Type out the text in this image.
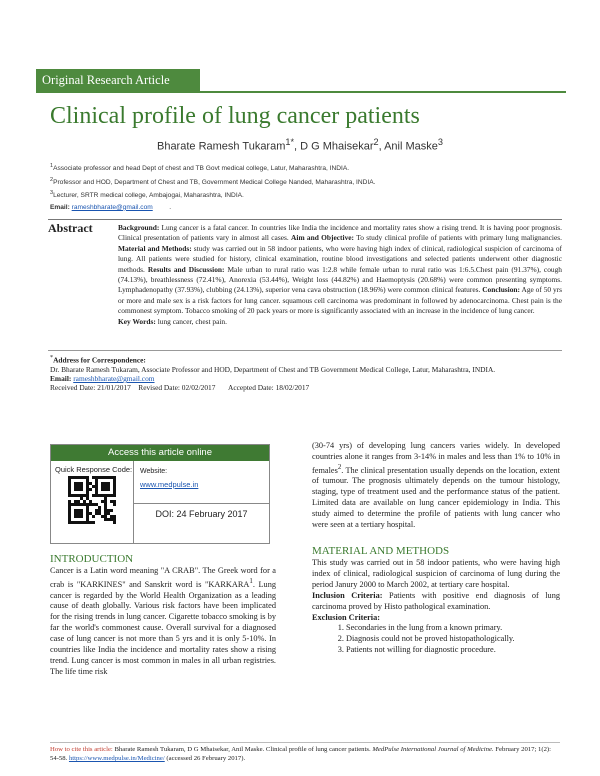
Original Research Article
Clinical profile of lung cancer patients
Bharate Ramesh Tukaram$^{1*}$, D G Mhaisekar$^2$, Anil Maske$^3$
$^1$Associate professor and head Dept of chest and TB Govt medical college, Latur, Maharashtra, INDIA.
$^2$Professor and HOD, Department of Chest and TB, Government Medical College Nanded, Maharashtra, INDIA.
$^3$Lecturer, SRTR medical college, Ambajogai, Maharashtra, INDIA.
Email: rameshbharate@gmail.com	.
Abstract	Background: Lung cancer is a fatal cancer. In countries like India the incidence and mortality rates show a rising trend. It is having poor prognosis. Clinical presentation of patients vary in almost all cases. Aim and Objective: To study clinical profile of patients with primary lung malignancies. Material and Methods: study was carried out in 58 indoor patients, who were having high index of clinical, radiological suspicion of carcinoma of lung. All patients were studied for history, clinical examination, routine blood investigations and selected patients underwent other diagnostic methods. Results and Discussion: Male urban to rural ratio was 1:2.8 while female urban to rural ratio was 1:6.5.Chest pain (91.37%), cough (74.13%), breathlessness (72.41%), Anorexia (53.44%), Weight loss (44.82%) and Haemoptysis (20.68%) were common presenting symptoms. Lymphadenopathy (37.93%), clubbing (24.13%), superior vena cava obstruction (18.96%) were common clinical features. Conclusion: Age of 50 yrs or more and male sex is a risk factors for lung cancer. squamous cell carcinoma was predominant in followed by adenocarcinoma. Chest pain is the commonest symptom. Tobacco smoking of 20 pack years or more is significantly associated with an increase in the incidence of lung cancer.
Key Words: lung cancer, chest pain.
*Address for Correspondence:
Dr. Bharate Ramesh Tukaram, Associate Professor and HOD, Department of Chest and TB Government Medical College, Latur, Maharashtra, INDIA.
Email: rameshbharate@gmail.com
Received Date: 21/01/2017 Revised Date: 02/02/2017 Accepted Date: 18/02/2017
Access this article online
Quick Response Code: Website:
www.medpulse.in
DOI: 24 February 2017
INTRODUCTION

Cancer is a Latin word meaning "A CRAB". The Greek word for a crab is "KARKINES" and Sanskrit word is "KARKARA$^1$. Lung cancer is regarded by the World Health Organization as a leading cause of death globally. Various risk factors have been implicated for the rising trends in lung cancer. Cigarette tobacco smoking is by far the world's commonest cause. Overall survival for a diagnosed case of lung cancer is not more than 5 yrs and it is only 5-10%. In countries like India the incidence and mortality rates show a rising trend. Lung cancer is most common in males in all urban registries. The life time risk

(30-74 yrs) of developing lung cancers varies widely. In developed countries alone it ranges from 3-14% in males and less than 1% to 10% in females$^2$. The clinical presentation usually depends on the location, extent of tumour. The prognosis ultimately depends on the tumour histology, staging, type of treatment used and the performance status of the patient. Limited data are available on lung cancer epidemiology in India. This study aimed to determine the profile of patients with lung cancer who were seen at a tertiary hospital.

MATERIAL AND METHODS

This study was carried out in 58 indoor patients, who were having high index of clinical, radiological suspicion of carcinoma of lung during the period Janury 2000 to March 2002, at tertiary care hospital.

Inclusion Criteria: Patients with positive end diagnosis of lung carcinoma proved by Histo pathological examination.

Exclusion Criteria:

1. Secondaries in the lung from a known primary.
2. Diagnosis could not be proved histopathologically.
3. Patients not willing for diagnostic procedure.
How to cite this article: Bharate Ramesh Tukaram, D G Mhaisekar, Anil Maske. Clinical profile of lung cancer patients. MedPulse International Journal of Medicine. February 2017; 1(2): 54-58. https://www.medpulse.in/Medicine/ (accessed 26 February 2017).
